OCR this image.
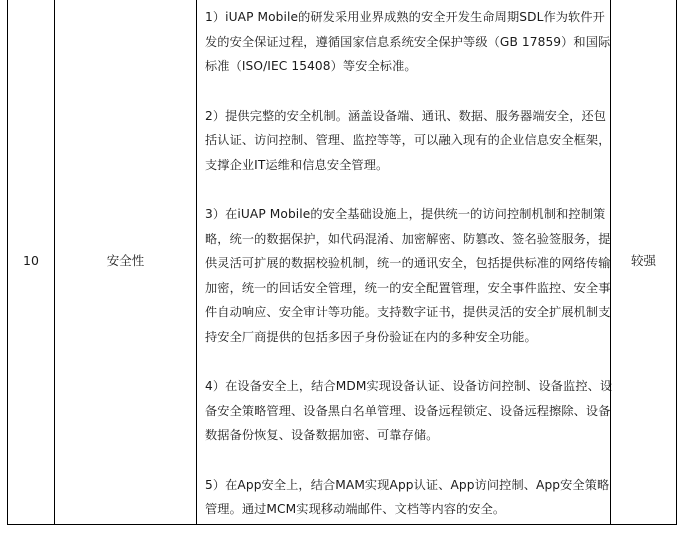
10	安全性

1）iUAP Mobile的研发采用业界成熟的安全开发生命周期SDL作为软件开
发的安全保证过程，遵循国家信息系统安全保护等级（GB 17859）和国际
标准（ISO/IEC 15408）等安全标准。

2）提供完整的安全机制。涵盖设备端、通讯、数据、服务器端安全，还包
括认证、访问控制、管理、监控等等，可以融入现有的企业信息安全框架，
支撑企业IT运维和信息安全管理。

3）在iUAP Mobile的安全基础设施上，提供统一的访问控制机制和控制策
略，统一的数据保护，如代码混淆、加密解密、防篡改、签名验签服务，提
供灵活可扩展的数据校验机制，统一的通讯安全，包括提供标准的网络传输
加密，统一的回话安全管理，统一的安全配置管理，安全事件监控、安全事
件自动响应、安全审计等功能。支持数字证书，提供灵活的安全扩展机制支
持安全厂商提供的包括多因子身份验证在内的多种安全功能。

4）在设备安全上，结合MDM实现设备认证、设备访问控制、设备监控、设
备安全策略管理、设备黑白名单管理、设备远程锁定、设备远程擦除、设备
数据备份恢复、设备数据加密、可靠存储。

5）在App安全上，结合MAM实现App认证、App访问控制、App安全策略
管理。通过MCM实现移动端邮件、文档等内容的安全。

较强
